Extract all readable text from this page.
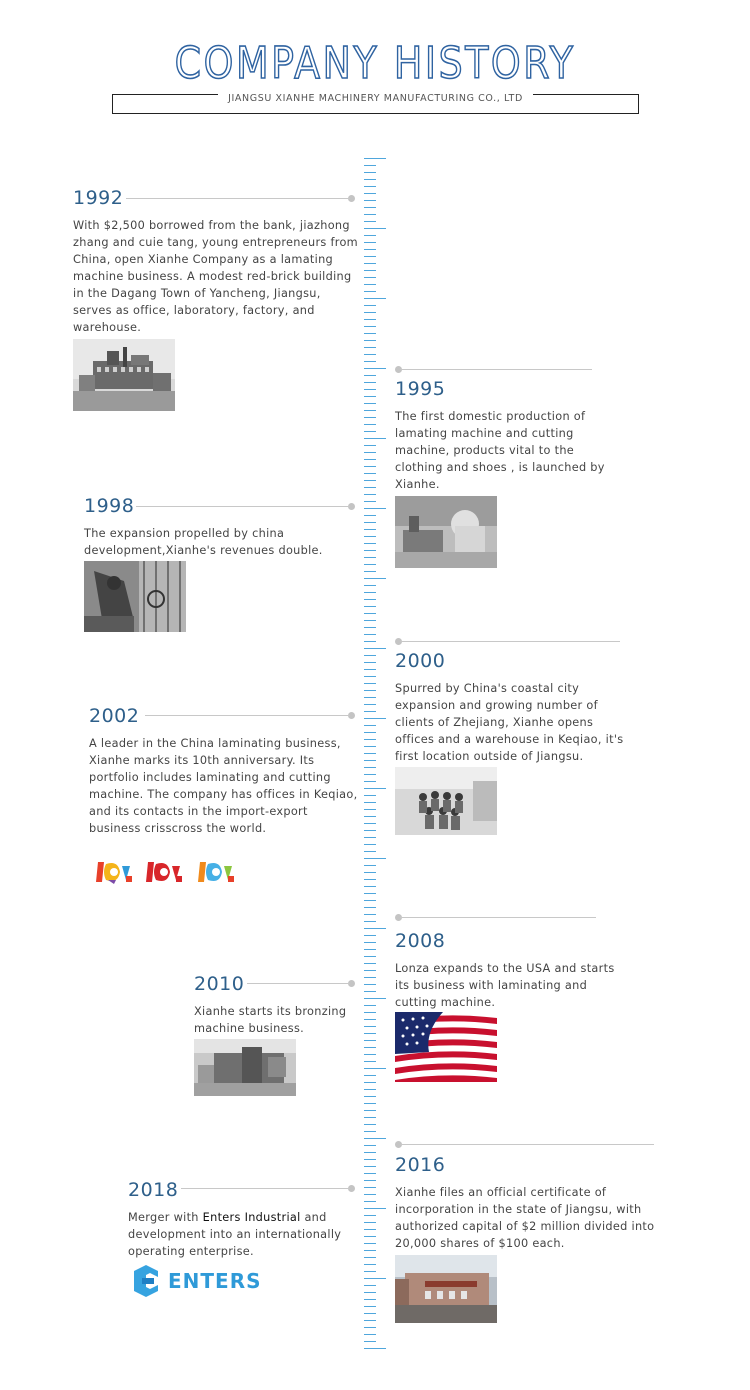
COMPANY HISTORY
JIANGSU XIANHE MACHINERY MANUFACTURING CO., LTD
1992
With $2,500 borrowed from the bank, jiazhong zhang and cuie tang, young entrepreneurs from China, open Xianhe Company as a lamating machine business. A modest red-brick building in the Dagang Town of Yancheng, Jiangsu, serves as office, laboratory, factory, and warehouse.
1995
The first domestic production of lamating machine and cutting machine, products vital to the clothing and shoes , is launched by Xianhe.
1998
The expansion propelled by china development,Xianhe's revenues double.
2000
Spurred by China's coastal city expansion and growing number of clients of Zhejiang, Xianhe opens offices and a warehouse in Keqiao, it's first location outside of Jiangsu.
2002
A leader in the China laminating business, Xianhe marks its 10th anniversary. Its portfolio includes laminating and cutting machine. The company has offices in Keqiao, and its contacts in the import-export business crisscross the world.
2008
Lonza expands to the USA and starts its business with laminating and cutting machine.
2010
Xianhe starts its bronzing machine business.
2016
Xianhe files an official certificate of incorporation in the state of Jiangsu, with authorized capital of $2 million divided into 20,000 shares of $100 each.
2018
Merger with Enters Industrial and development into an internationally operating enterprise.
ENTERS
